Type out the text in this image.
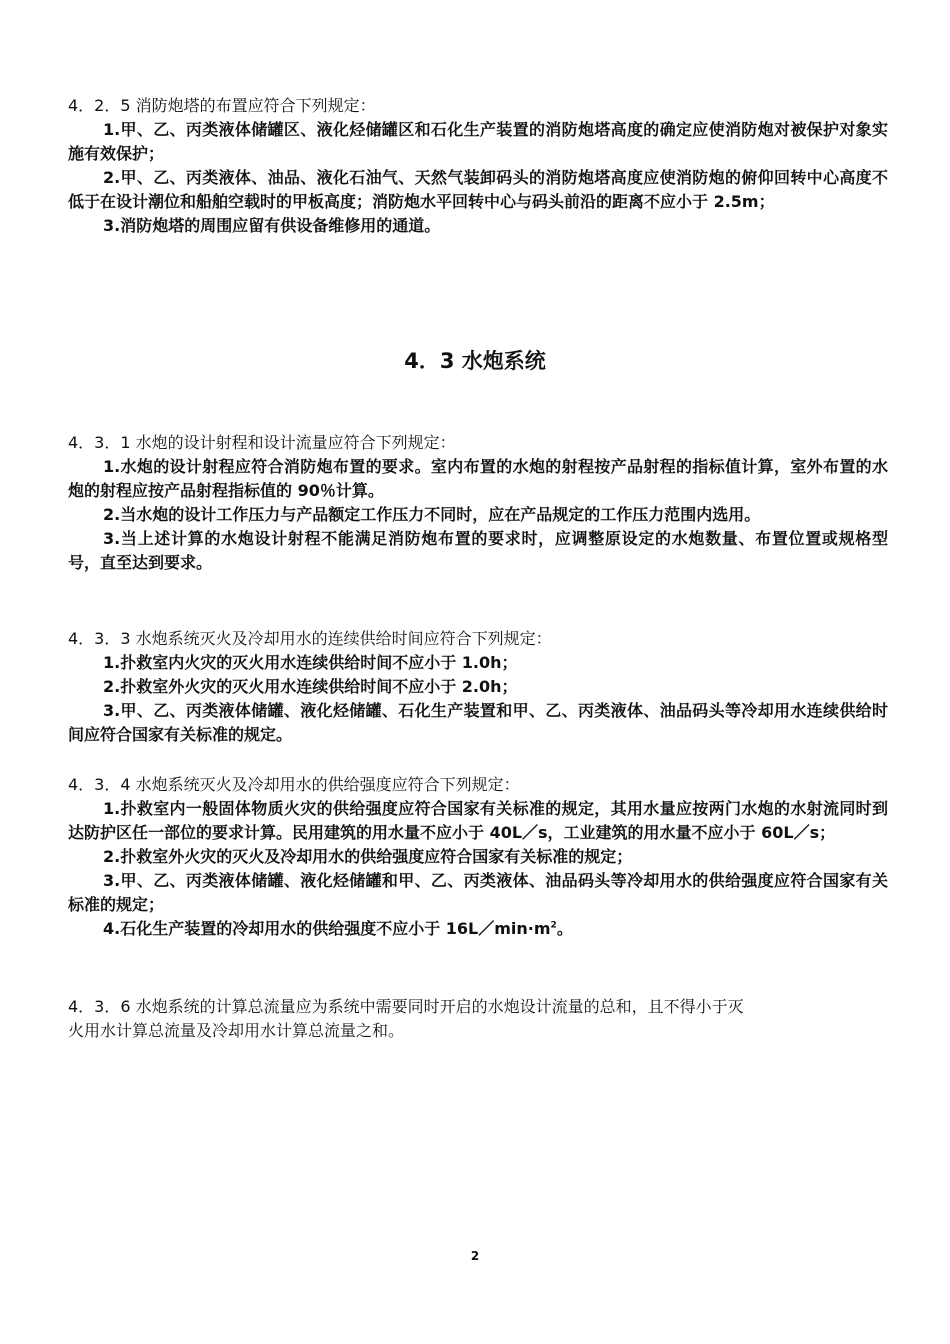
4．2．5 消防炮塔的布置应符合下列规定：

1.甲、乙、丙类液体储罐区、液化烃储罐区和石化生产装置的消防炮塔高度的确定应使消防炮对被保护对象实施有效保护；

2.甲、乙、丙类液体、油品、液化石油气、天然气装卸码头的消防炮塔高度应使消防炮的俯仰回转中心高度不低于在设计潮位和船舶空载时的甲板高度；消防炮水平回转中心与码头前沿的距离不应小于 2.5m；

3.消防炮塔的周围应留有供设备维修用的通道。

4．3 水炮系统

4．3．1 水炮的设计射程和设计流量应符合下列规定：

1.水炮的设计射程应符合消防炮布置的要求。室内布置的水炮的射程按产品射程的指标值计算，室外布置的水炮的射程应按产品射程指标值的 90％计算。

2.当水炮的设计工作压力与产品额定工作压力不同时，应在产品规定的工作压力范围内选用。

3.当上述计算的水炮设计射程不能满足消防炮布置的要求时，应调整原设定的水炮数量、布置位置或规格型号，直至达到要求。

4．3．3 水炮系统灭火及冷却用水的连续供给时间应符合下列规定：

1.扑救室内火灾的灭火用水连续供给时间不应小于 1.0h；

2.扑救室外火灾的灭火用水连续供给时间不应小于 2.0h；

3.甲、乙、丙类液体储罐、液化烃储罐、石化生产装置和甲、乙、丙类液体、油品码头等冷却用水连续供给时间应符合国家有关标准的规定。

4．3．4 水炮系统灭火及冷却用水的供给强度应符合下列规定：

1.扑救室内一般固体物质火灾的供给强度应符合国家有关标准的规定，其用水量应按两门水炮的水射流同时到达防护区任一部位的要求计算。民用建筑的用水量不应小于 40L／s，工业建筑的用水量不应小于 60L／s；

2.扑救室外火灾的灭火及冷却用水的供给强度应符合国家有关标准的规定；

3.甲、乙、丙类液体储罐、液化烃储罐和甲、乙、丙类液体、油品码头等冷却用水的供给强度应符合国家有关标准的规定；

4.石化生产装置的冷却用水的供给强度不应小于 $16L/\min\cdot m^2$。

4．3．6 水炮系统的计算总流量应为系统中需要同时开启的水炮设计流量的总和，且不得小于灭

火用水计算总流量及冷却用水计算总流量之和。

2
